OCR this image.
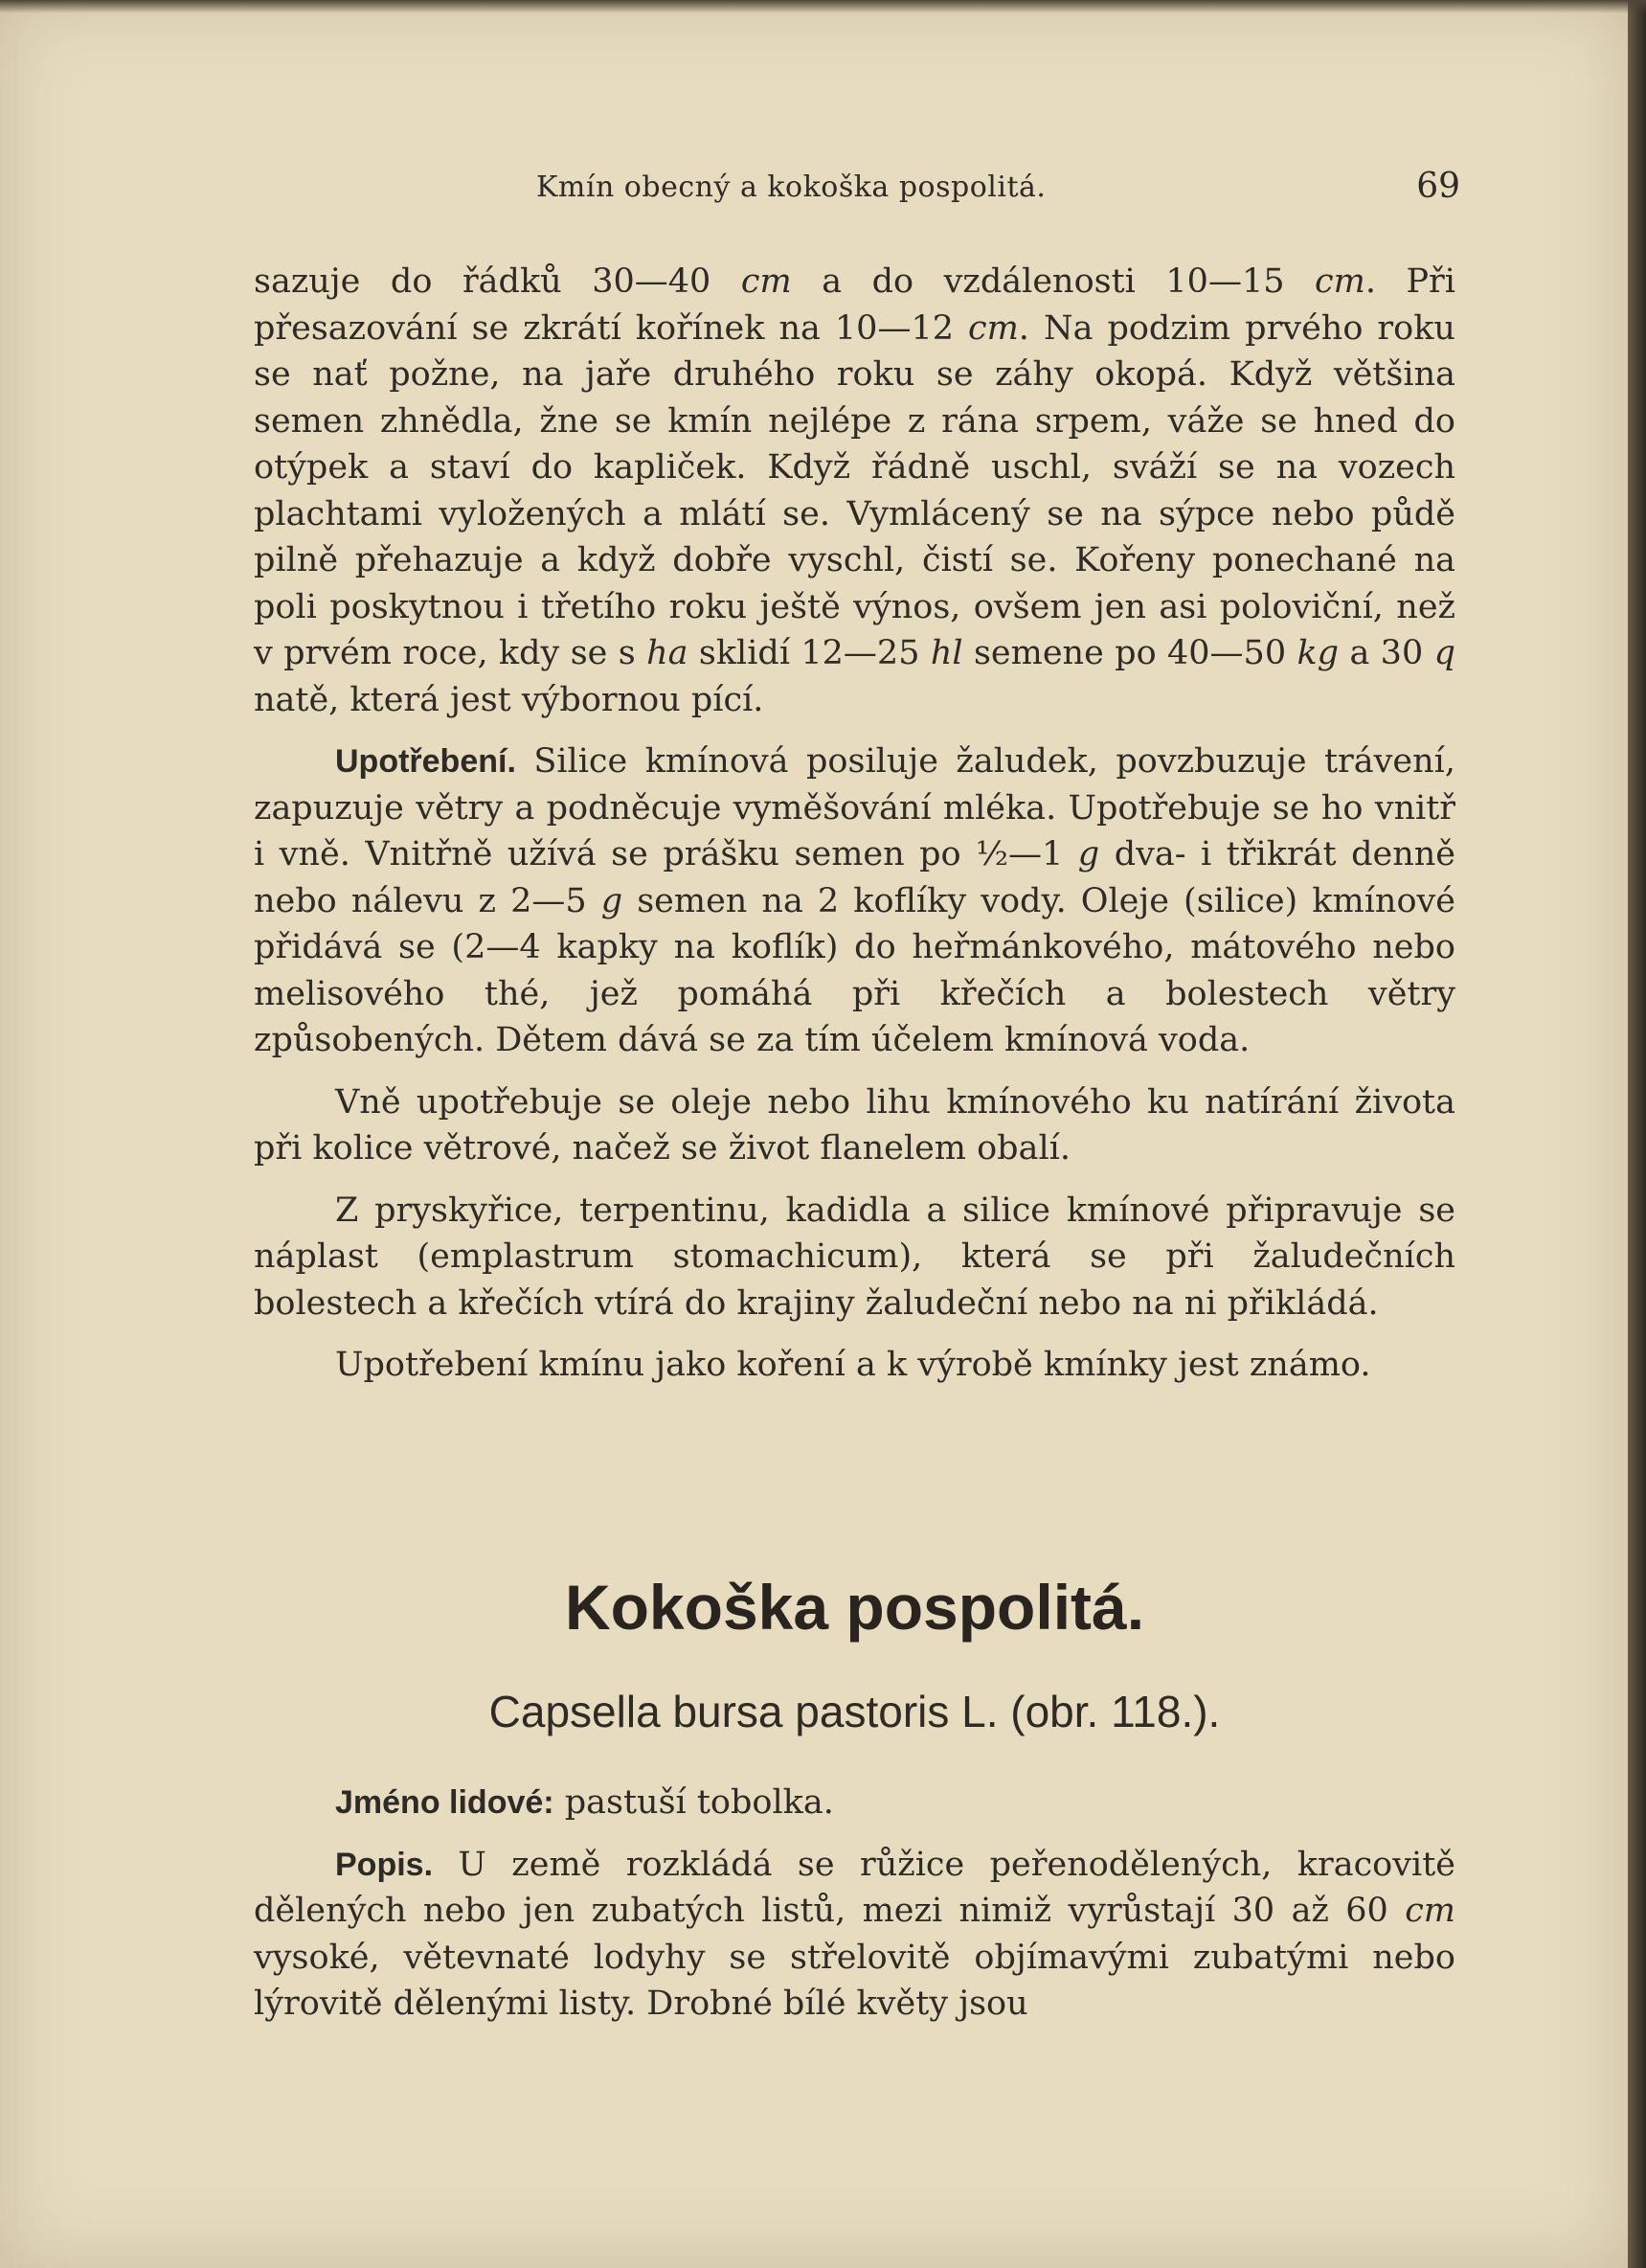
Kmín obecný a kokoška pospolitá.	69

sazuje do řádků 30—40 cm a do vzdálenosti 10—15 cm. Při přesazování se zkrátí kořínek na 10—12 cm. Na podzim prvého roku se nať požne, na jaře druhého roku se záhy okopá. Když většina semen zhnědla, žne se kmín nejlépe z rána srpem, váže se hned do otýpek a staví do kapliček. Když řádně uschl, sváží se na vozech plachtami vyložených a mlátí se. Vymlácený se na sýpce nebo půdě pilně přehazuje a když dobře vyschl, čistí se. Kořeny ponechané na poli poskytnou i třetího roku ještě výnos, ovšem jen asi poloviční, než v prvém roce, kdy se s ha sklidí 12—25 hl semene po 40—50 kg a 30 q natě, která jest výbornou pící.

Upotřebení. Silice kmínová posiluje žaludek, povzbuzuje trávení, zapuzuje větry a podněcuje vyměšování mléka. Upotřebuje se ho vnitř i vně. Vnitřně užívá se prášku semen po ½—1 g dva- i třikrát denně nebo nálevu z 2—5 g semen na 2 koflíky vody. Oleje (silice) kmínové přidává se (2—4 kapky na koflík) do heřmánkového, mátového nebo melisového thé, jež pomáhá při křečích a bolestech větry způsobených. Dětem dává se za tím účelem kmínová voda.

Vně upotřebuje se oleje nebo lihu kmínového ku natírání života při kolice větrové, načež se život flanelem obalí.

Z pryskyřice, terpentinu, kadidla a silice kmínové připravuje se náplast (emplastrum stomachicum), která se při žaludečních bolestech a křečích vtírá do krajiny žaludeční nebo na ni přikládá.

Upotřebení kmínu jako koření a k výrobě kmínky jest známo.

Kokoška pospolitá.
Capsella bursa pastoris L. (obr. 118.).

Jméno lidové: pastuší tobolka.

Popis. U země rozkládá se růžice peřenodělených, kracovitě dělených nebo jen zubatých listů, mezi nimiž vyrůstají 30 až 60 cm vysoké, větevnaté lodyhy se střelovitě objímavými zubatými nebo lýrovitě dělenými listy. Drobné bílé květy jsou
